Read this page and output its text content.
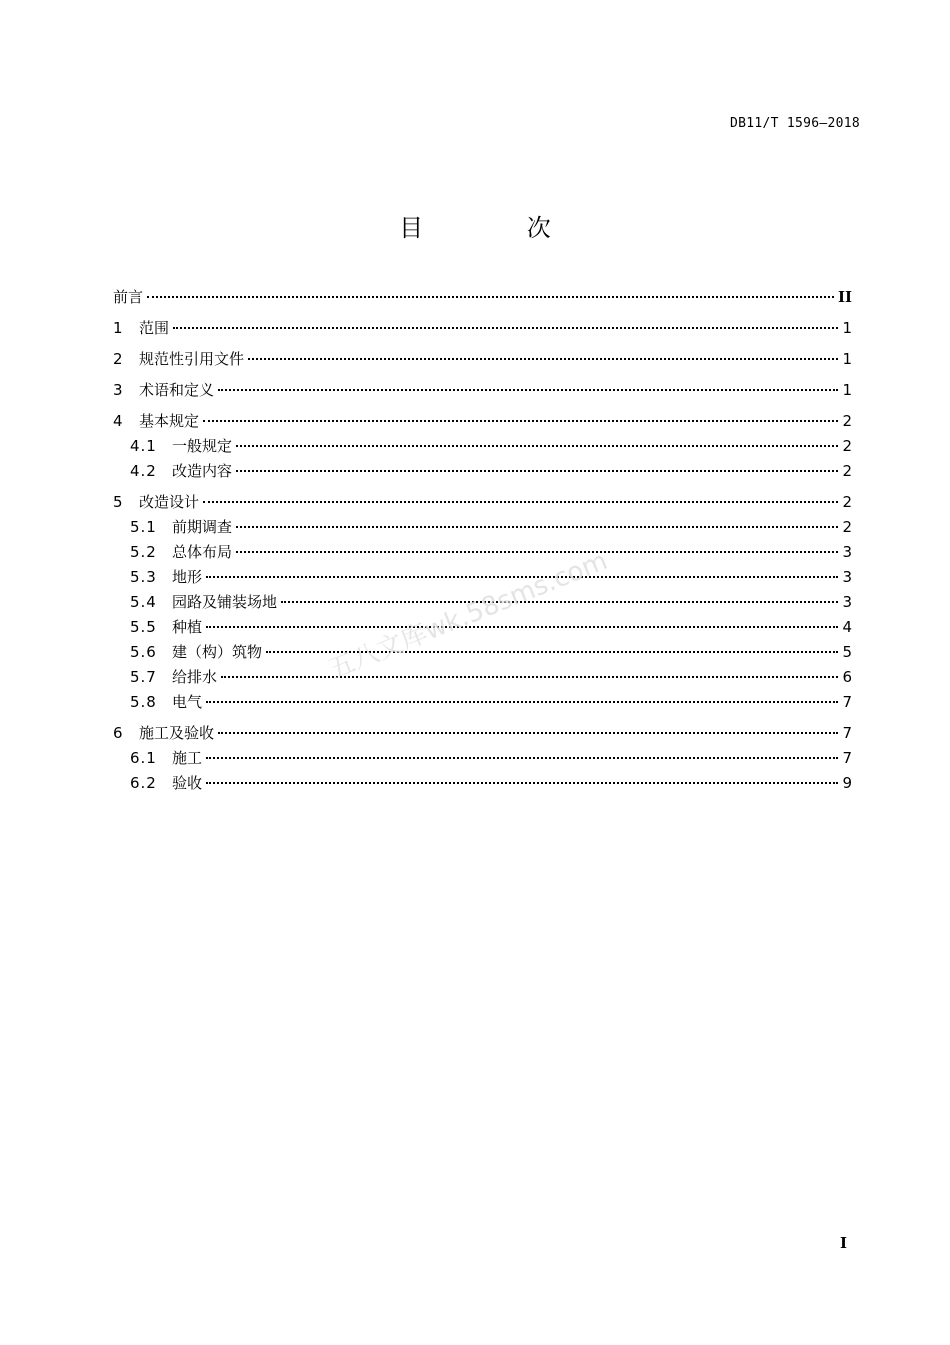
DB11/T 1596—2018
目 次
前言	II
1	范围	1
2	规范性引用文件	1
3	术语和定义	1
4	基本规定	2
4.1	一般规定	2
4.2	改造内容	2
5	改造设计	2
5.1	前期调查	2
5.2	总体布局	3
5.3	地形	3
5.4	园路及铺装场地	3
5.5	种植	4
5.6	建（构）筑物	5
5.7	给排水	6
5.8	电气	7
6	施工及验收	7
6.1	施工	7
6.2	验收	9
五八文库wk.58sms.com
I
